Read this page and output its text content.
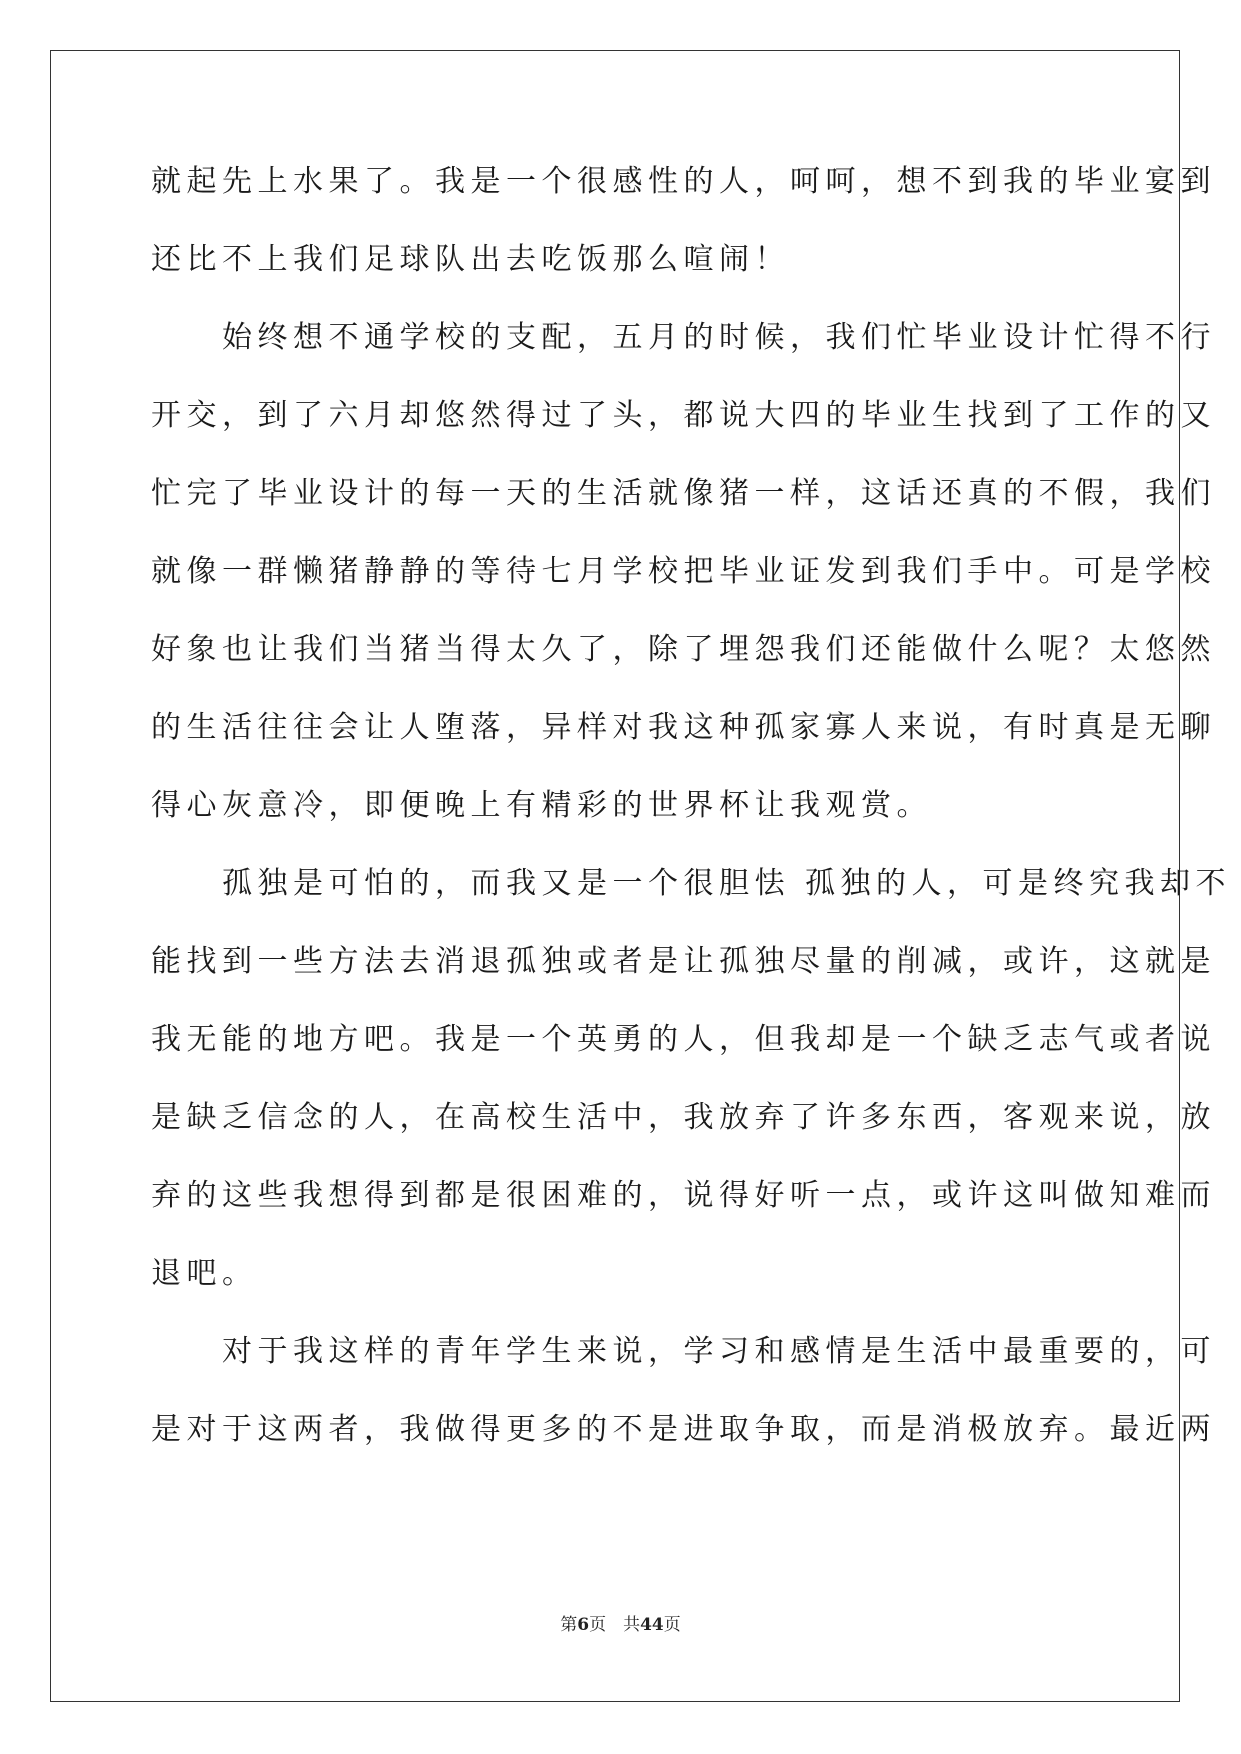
就起先上水果了。我是一个很感性的人，呵呵，想不到我的毕业宴到
还比不上我们足球队出去吃饭那么喧闹！
　　始终想不通学校的支配，五月的时候，我们忙毕业设计忙得不行
开交，到了六月却悠然得过了头，都说大四的毕业生找到了工作的又
忙完了毕业设计的每一天的生活就像猪一样，这话还真的不假，我们
就像一群懒猪静静的等待七月学校把毕业证发到我们手中。可是学校
好象也让我们当猪当得太久了，除了埋怨我们还能做什么呢？太悠然
的生活往往会让人堕落，异样对我这种孤家寡人来说，有时真是无聊
得心灰意冷，即便晚上有精彩的世界杯让我观赏。
　　孤独是可怕的，而我又是一个很胆怯 孤独的人，可是终究我却不
能找到一些方法去消退孤独或者是让孤独尽量的削减，或许，这就是
我无能的地方吧。我是一个英勇的人，但我却是一个缺乏志气或者说
是缺乏信念的人，在高校生活中，我放弃了许多东西，客观来说，放
弃的这些我想得到都是很困难的，说得好听一点，或许这叫做知难而
退吧。
　　对于我这样的青年学生来说，学习和感情是生活中最重要的，可
是对于这两者，我做得更多的不是进取争取，而是消极放弃。最近两
第6页　共44页
